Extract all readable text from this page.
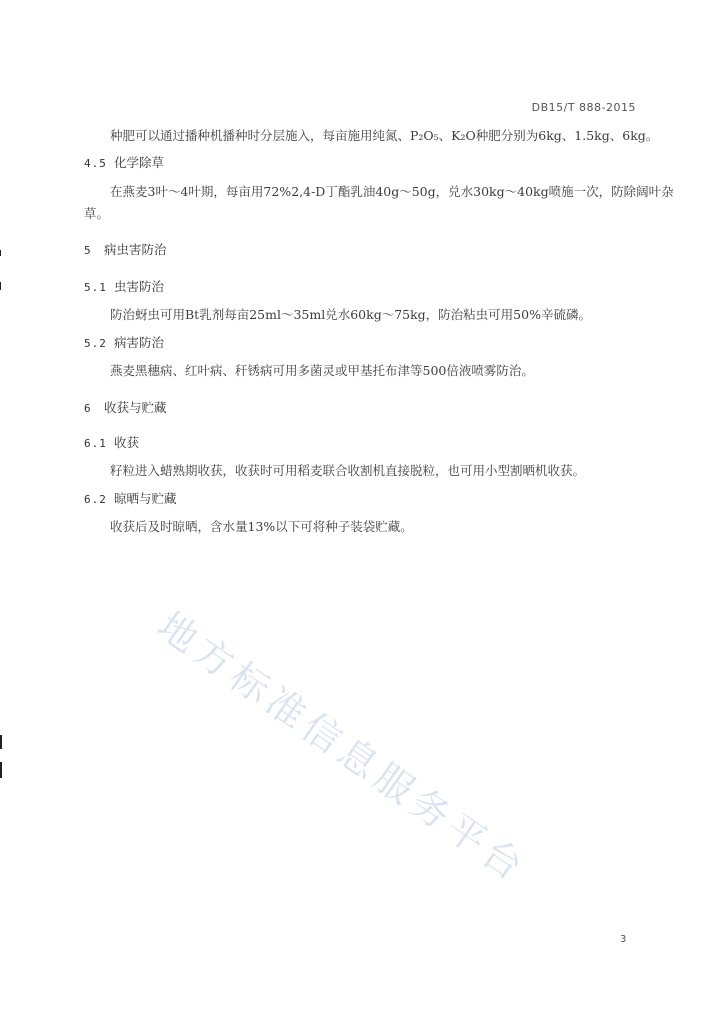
DB15/T 888-2015
种肥可以通过播种机播种时分层施入，每亩施用纯氮、P₂O₅、K₂O种肥分别为6kg、1.5kg、6kg。
4.5 化学除草
在燕麦3叶～4叶期，每亩用72%2,4-D丁酯乳油40g～50g，兑水30kg～40kg喷施一次，防除阔叶杂
草。
5 病虫害防治
5.1 虫害防治
防治蚜虫可用Bt乳剂每亩25ml～35ml兑水60kg～75kg，防治粘虫可用50%辛硫磷。
5.2 病害防治
燕麦黑穗病、红叶病、秆锈病可用多菌灵或甲基托布津等500倍液喷雾防治。
6 收获与贮藏
6.1 收获
籽粒进入蜡熟期收获，收获时可用稻麦联合收割机直接脱粒，也可用小型割晒机收获。
6.2 晾晒与贮藏
收获后及时晾晒，含水量13%以下可将种子装袋贮藏。
地方标准信息服务平台
3
